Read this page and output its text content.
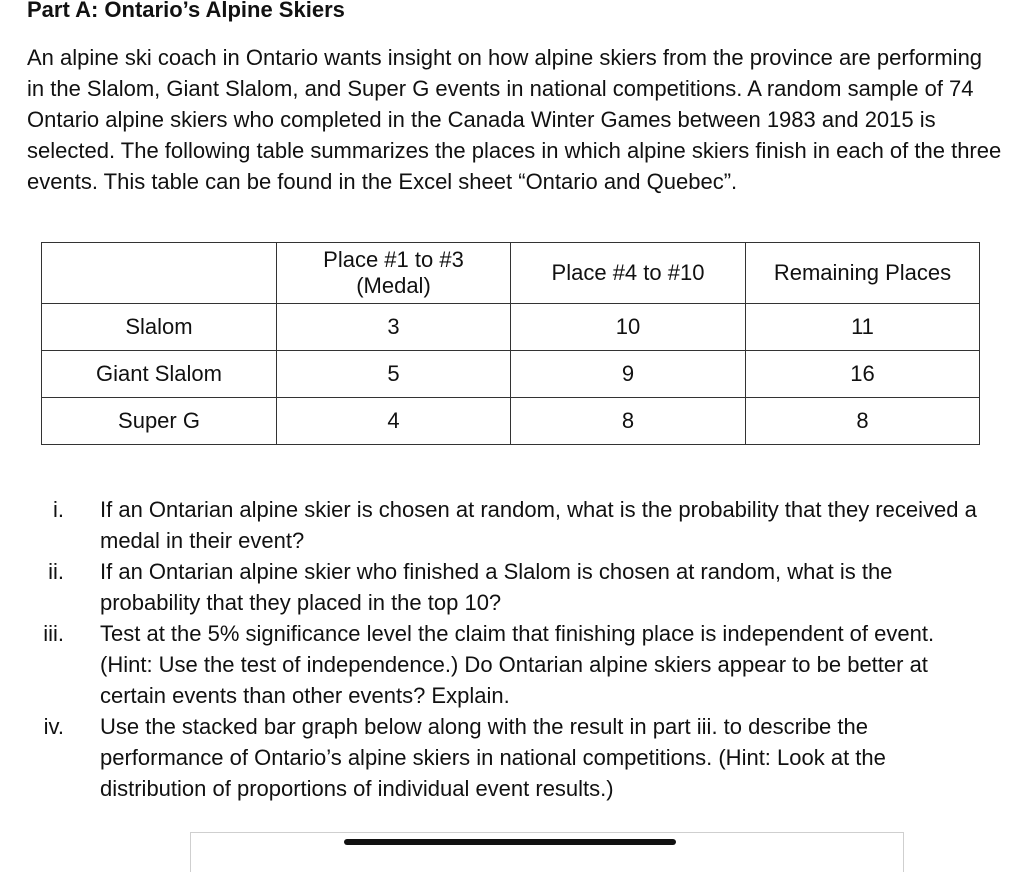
Part A: Ontario’s Alpine Skiers

An alpine ski coach in Ontario wants insight on how alpine skiers from the province are performing in the Slalom, Giant Slalom, and Super G events in national competitions. A random sample of 74 Ontario alpine skiers who completed in the Canada Winter Games between 1983 and 2015 is selected. The following table summarizes the places in which alpine skiers finish in each of the three events. This table can be found in the Excel sheet “Ontario and Quebec”.

	Place #1 to #3 (Medal)	Place #4 to #10	Remaining Places
Slalom	3	10	11
Giant Slalom	5	9	16
Super G	4	8	8
i. If an Ontarian alpine skier is chosen at random, what is the probability that they received a medal in their event?
ii. If an Ontarian alpine skier who finished a Slalom is chosen at random, what is the probability that they placed in the top 10?
iii. Test at the 5% significance level the claim that finishing place is independent of event. (Hint: Use the test of independence.) Do Ontarian alpine skiers appear to be better at certain events than other events? Explain.
iv. Use the stacked bar graph below along with the result in part iii. to describe the performance of Ontario’s alpine skiers in national competitions. (Hint: Look at the distribution of proportions of individual event results.)
